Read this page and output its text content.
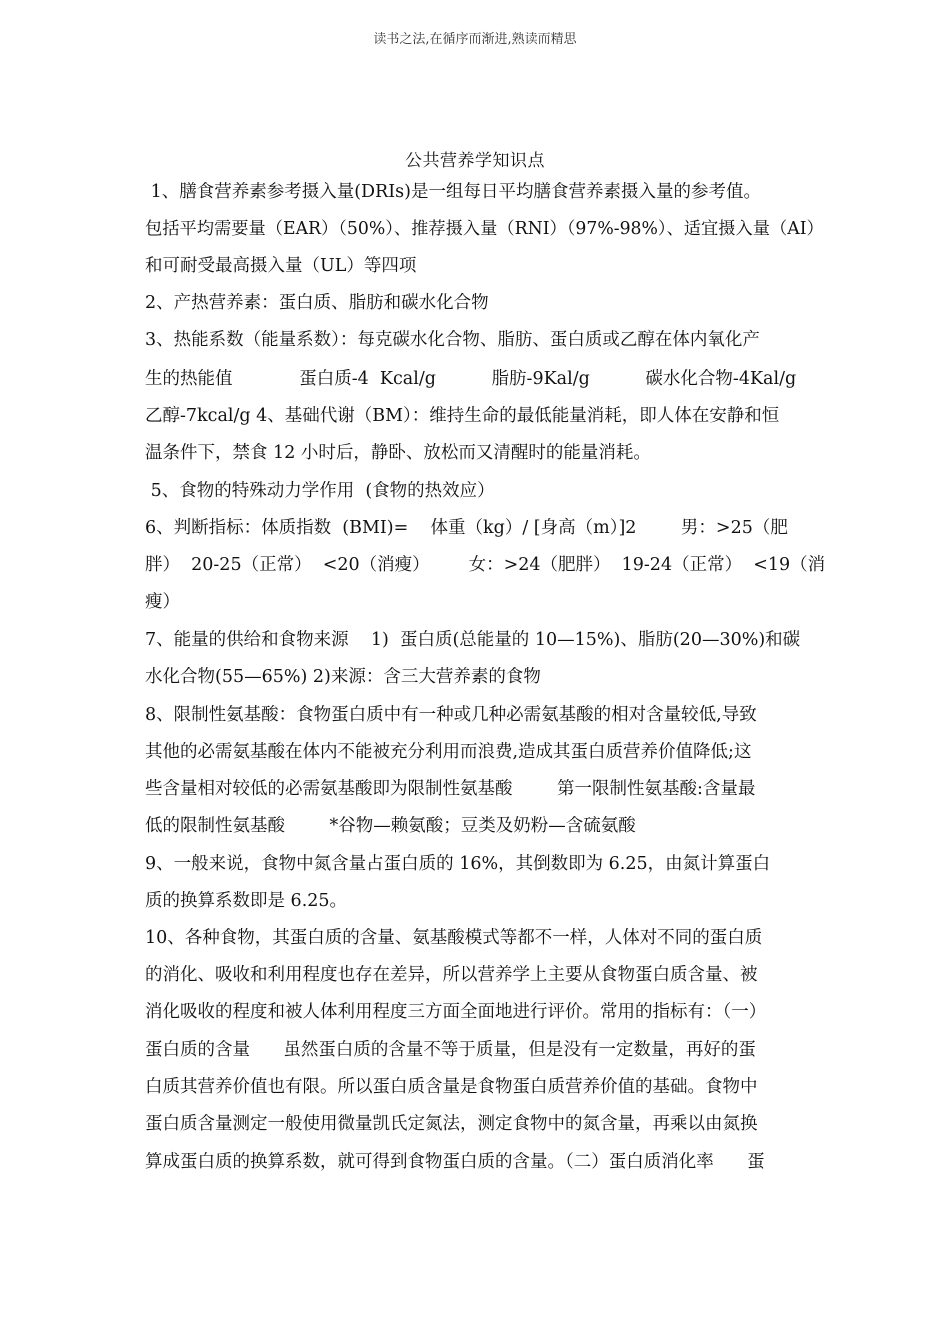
读书之法,在循序而渐进,熟读而精思
公共营养学知识点
1、膳食营养素参考摄入量(DRIs)是一组每日平均膳食营养素摄入量的参考值。
包括平均需要量（EAR）（50%）、推荐摄入量（RNI）（97%-98%）、适宜摄入量（AI）
和可耐受最高摄入量（UL）等四项
2、产热营养素：蛋白质、脂肪和碳水化合物
3、热能系数（能量系数）：每克碳水化合物、脂肪、蛋白质或乙醇在体内氧化产
生的热能值            蛋白质-4  Kcal/g          脂肪-9Kal/g          碳水化合物-4Kal/g
乙醇-7kcal/g 4、基础代谢（BM）：维持生命的最低能量消耗，即人体在安静和恒
温条件下，禁食 12 小时后，静卧、放松而又清醒时的能量消耗。
5、食物的特殊动力学作用  (食物的热效应）
6、判断指标：体质指数  (BMI)=    体重（kg）/ [身高（m）]2        男：>25（肥
胖）  20-25（正常）  <20（消瘦）       女：>24（肥胖）  19-24（正常）  <19（消
瘦）
7、能量的供给和食物来源    1)  蛋白质(总能量的 10—15%)、脂肪(20—30%)和碳
水化合物(55—65%) 2)来源：含三大营养素的食物
8、限制性氨基酸：食物蛋白质中有一种或几种必需氨基酸的相对含量较低,导致
其他的必需氨基酸在体内不能被充分利用而浪费,造成其蛋白质营养价值降低;这
些含量相对较低的必需氨基酸即为限制性氨基酸        第一限制性氨基酸:含量最
低的限制性氨基酸        *谷物—赖氨酸；豆类及奶粉—含硫氨酸
9、一般来说，食物中氮含量占蛋白质的 16%，其倒数即为 6.25，由氮计算蛋白
质的换算系数即是 6.25。
10、各种食物，其蛋白质的含量、氨基酸模式等都不一样，人体对不同的蛋白质
的消化、吸收和利用程度也存在差异，所以营养学上主要从食物蛋白质含量、被
消化吸收的程度和被人体利用程度三方面全面地进行评价。常用的指标有：（一）
蛋白质的含量      虽然蛋白质的含量不等于质量，但是没有一定数量，再好的蛋
白质其营养价值也有限。所以蛋白质含量是食物蛋白质营养价值的基础。食物中
蛋白质含量测定一般使用微量凯氏定氮法，测定食物中的氮含量，再乘以由氮换
算成蛋白质的换算系数，就可得到食物蛋白质的含量。（二）蛋白质消化率      蛋
